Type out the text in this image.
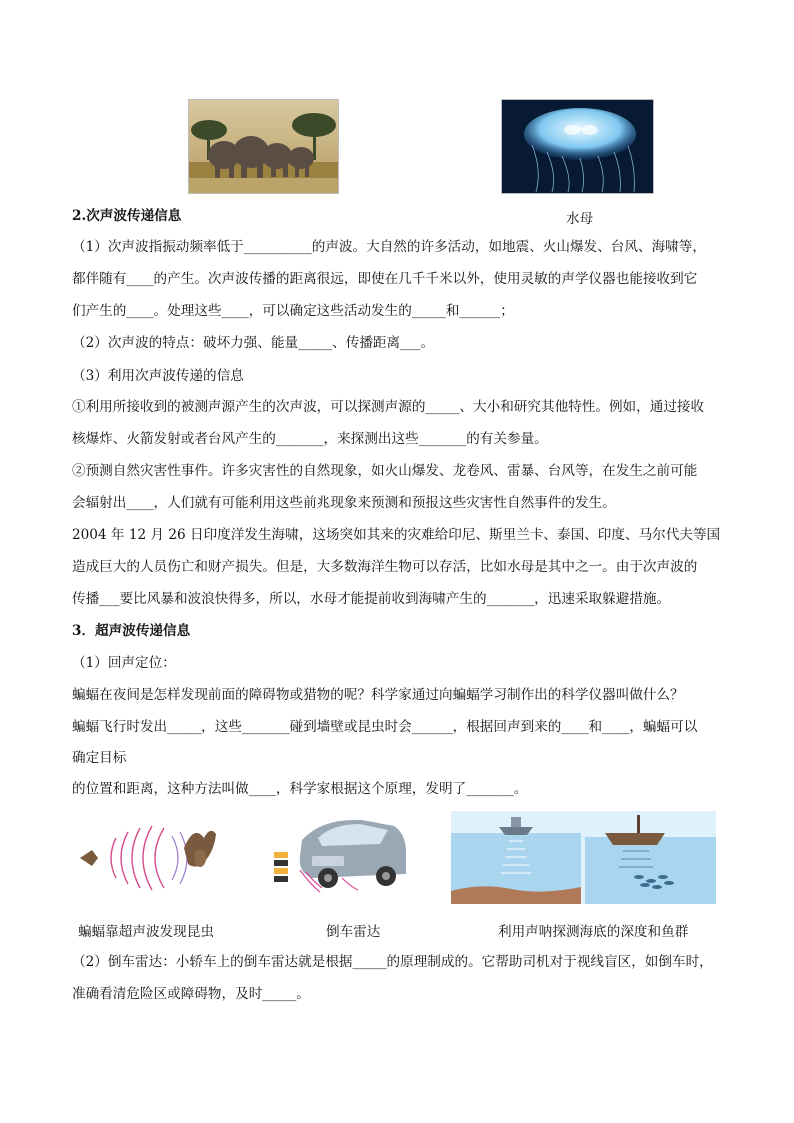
2.次声波传递信息	水母
（1）次声波指振动频率低于__________的声波。大自然的许多活动，如地震、火山爆发、台风、海啸等，
都伴随有____的产生。次声波传播的距离很远，即使在几千千米以外，使用灵敏的声学仪器也能接收到它
们产生的____。处理这些____，可以确定这些活动发生的_____和______；
（2）次声波的特点：破坏力强、能量_____、传播距离___。
（3）利用次声波传递的信息
①利用所接收到的被测声源产生的次声波，可以探测声源的_____、大小和研究其他特性。例如，通过接收
核爆炸、火箭发射或者台风产生的_______，来探测出这些_______的有关参量。
②预测自然灾害性事件。许多灾害性的自然现象，如火山爆发、龙卷风、雷暴、台风等，在发生之前可能
会辐射出____，人们就有可能利用这些前兆现象来预测和预报这些灾害性自然事件的发生。
2004 年 12 月 26 日印度洋发生海啸，这场突如其来的灾难给印尼、斯里兰卡、泰国、印度、马尔代夫等国
造成巨大的人员伤亡和财产损失。但是，大多数海洋生物可以存活，比如水母是其中之一。由于次声波的
传播___要比风暴和波浪快得多，所以，水母才能提前收到海啸产生的_______，迅速采取躲避措施。
3．超声波传递信息
（1）回声定位：
蝙蝠在夜间是怎样发现前面的障碍物或猎物的呢？科学家通过向蝙蝠学习制作出的科学仪器叫做什么？
蝙蝠飞行时发出_____，这些_______碰到墙壁或昆虫时会______，根据回声到来的____和____，蝙蝠可以
确定目标
的位置和距离，这种方法叫做____，科学家根据这个原理，发明了_______。
蝙蝠靠超声波发现昆虫	倒车雷达	利用声呐探测海底的深度和鱼群
（2）倒车雷达：小轿车上的倒车雷达就是根据_____的原理制成的。它帮助司机对于视线盲区，如倒车时，
准确看清危险区或障碍物，及时_____。
